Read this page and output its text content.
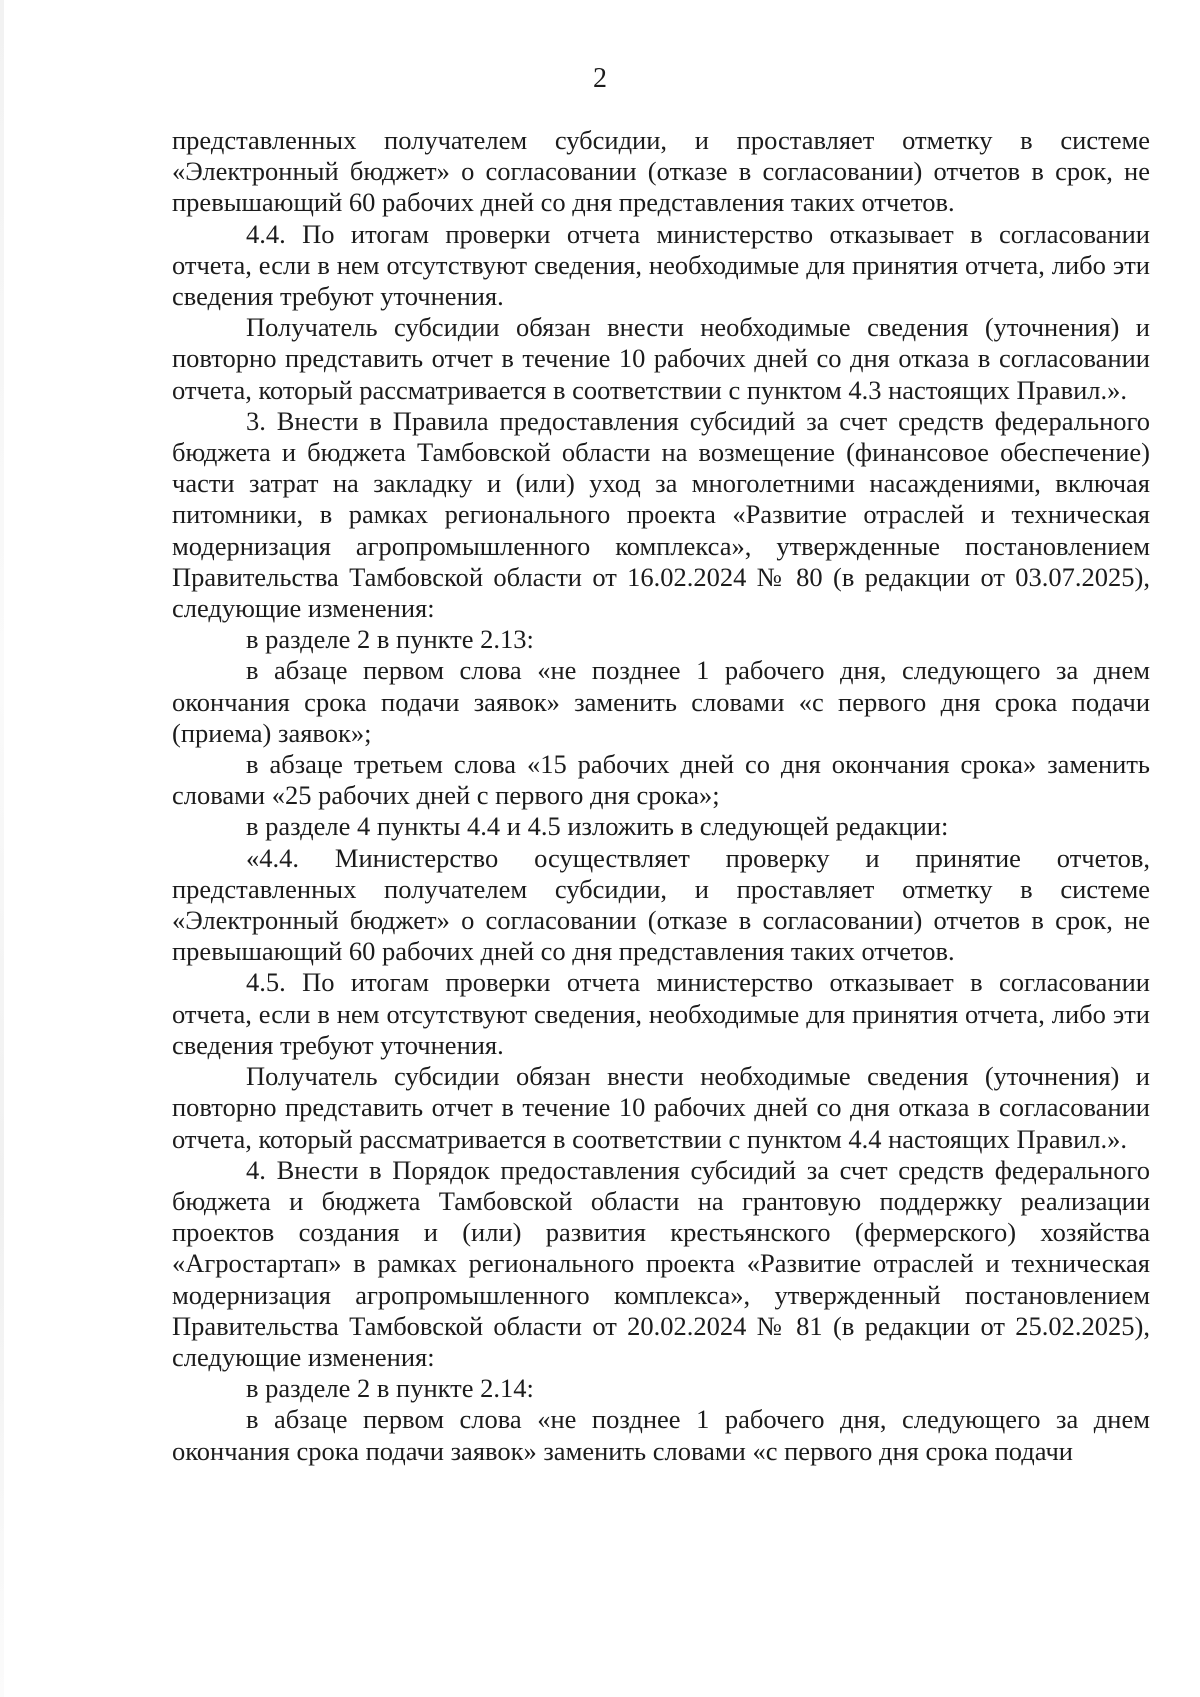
2

представленных получателем субсидии, и проставляет отметку в системе «Электронный бюджет» о согласовании (отказе в согласовании) отчетов в срок, не превышающий 60 рабочих дней со дня представления таких отчетов.

4.4. По итогам проверки отчета министерство отказывает в согласовании отчета, если в нем отсутствуют сведения, необходимые для принятия отчета, либо эти сведения требуют уточнения.

Получатель субсидии обязан внести необходимые сведения (уточнения) и повторно представить отчет в течение 10 рабочих дней со дня отказа в согласовании отчета, который рассматривается в соответствии с пунктом 4.3 настоящих Правил.».

3. Внести в Правила предоставления субсидий за счет средств федерального бюджета и бюджета Тамбовской области на возмещение (финансовое обеспечение) части затрат на закладку и (или) уход за многолетними насаждениями, включая питомники, в рамках регионального проекта «Развитие отраслей и техническая модернизация агропромышленного комплекса», утвержденные постановлением Правительства Тамбовской области от 16.02.2024 № 80 (в редакции от 03.07.2025), следующие изменения:

в разделе 2 в пункте 2.13:

в абзаце первом слова «не позднее 1 рабочего дня, следующего за днем окончания срока подачи заявок» заменить словами «с первого дня срока подачи (приема) заявок»;

в абзаце третьем слова «15 рабочих дней со дня окончания срока» заменить словами «25 рабочих дней с первого дня срока»;

в разделе 4 пункты 4.4 и 4.5 изложить в следующей редакции:

«4.4. Министерство осуществляет проверку и принятие отчетов, представленных получателем субсидии, и проставляет отметку в системе «Электронный бюджет» о согласовании (отказе в согласовании) отчетов в срок, не превышающий 60 рабочих дней со дня представления таких отчетов.

4.5. По итогам проверки отчета министерство отказывает в согласовании отчета, если в нем отсутствуют сведения, необходимые для принятия отчета, либо эти сведения требуют уточнения.

Получатель субсидии обязан внести необходимые сведения (уточнения) и повторно представить отчет в течение 10 рабочих дней со дня отказа в согласовании отчета, который рассматривается в соответствии с пунктом 4.4 настоящих Правил.».

4. Внести в Порядок предоставления субсидий за счет средств федерального бюджета и бюджета Тамбовской области на грантовую поддержку реализации проектов создания и (или) развития крестьянского (фермерского) хозяйства «Агростартап» в рамках регионального проекта «Развитие отраслей и техническая модернизация агропромышленного комплекса», утвержденный постановлением Правительства Тамбовской области от 20.02.2024 № 81 (в редакции от 25.02.2025), следующие изменения:

в разделе 2 в пункте 2.14:

в абзаце первом слова «не позднее 1 рабочего дня, следующего за днем окончания срока подачи заявок» заменить словами «с первого дня срока подачи
